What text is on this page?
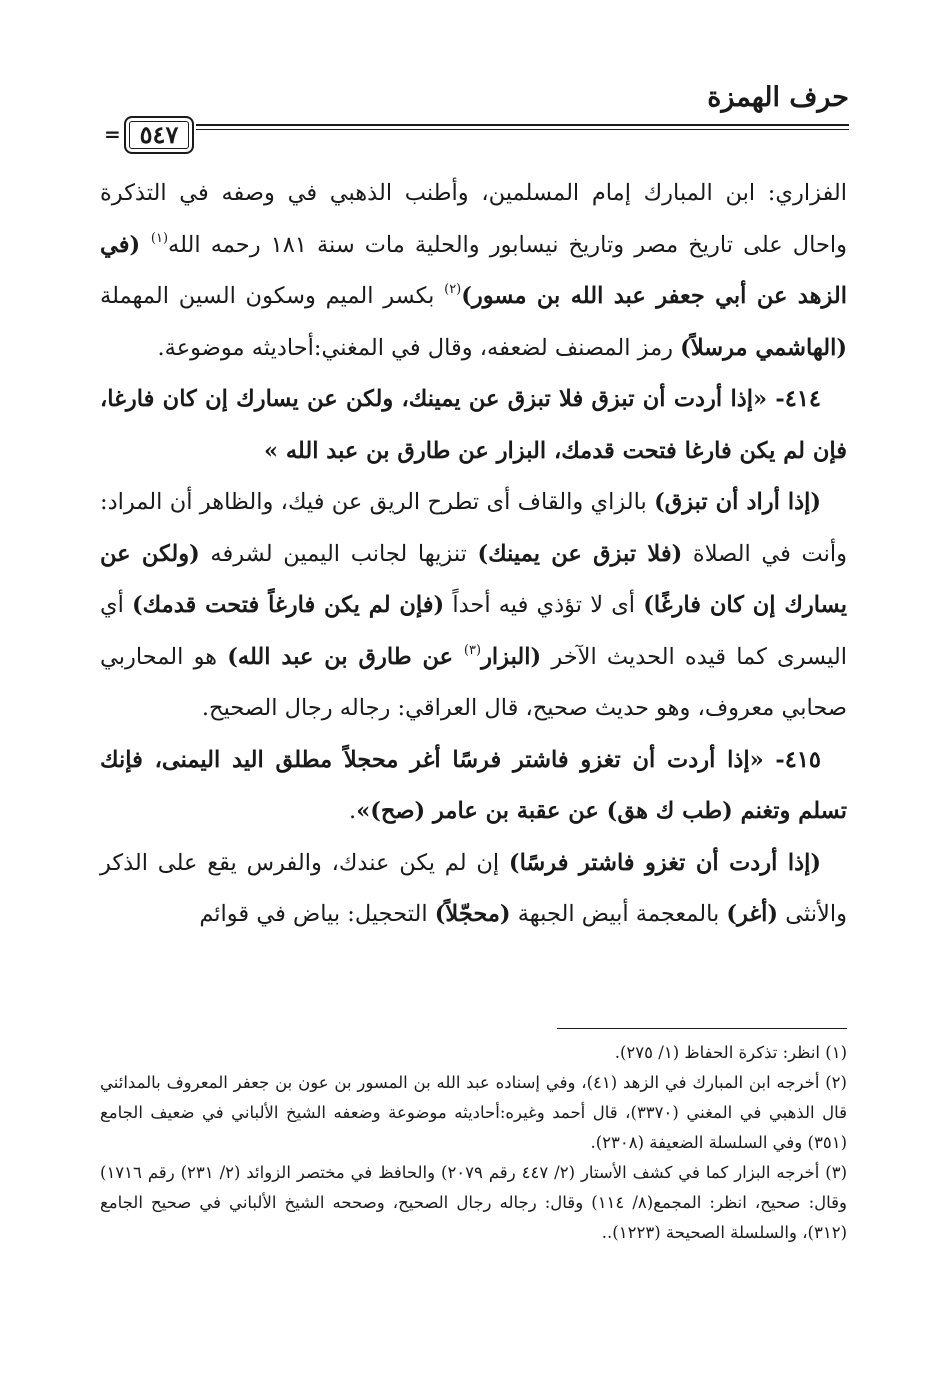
حرف الهمزة
٥٤٧
=

الفزاري: ابن المبارك إمام المسلمين، وأطنب الذهبي في وصفه في التذكرة واحال على تاريخ مصر وتاريخ نيسابور والحلية مات سنة ١٨١ رحمه الله$^{(١)}$ (في الزهد عن أبي جعفر عبد الله بن مسور)$^{(٢)}$ بكسر الميم وسكون السين المهملة (الهاشمي مرسلاً) رمز المصنف لضعفه، وقال في المغني:أحاديثه موضوعة.

٤١٤- «إذا أردت أن تبزق فلا تبزق عن يمينك، ولكن عن يسارك إن كان فارغا، فإن لم يكن فارغا فتحت قدمك، البزار عن طارق بن عبد الله »

(إذا أراد أن تبزق) بالزاي والقاف أى تطرح الريق عن فيك، والظاهر أن المراد: وأنت في الصلاة (فلا تبزق عن يمينك) تنزيها لجانب اليمين لشرفه (ولكن عن يسارك إن كان فارغًا) أى لا تؤذي فيه أحداً (فإن لم يكن فارغاً فتحت قدمك) أي اليسرى كما قيده الحديث الآخر (البزار$^{(٣)}$ عن طارق بن عبد الله) هو المحاربي صحابي معروف، وهو حديث صحيح، قال العراقي: رجاله رجال الصحيح.

٤١٥- «إذا أردت أن تغزو فاشتر فرسًا أغر محجلاً مطلق اليد اليمنى، فإنك تسلم وتغنم (طب ك هق) عن عقبة بن عامر (صح)».

(إذا أردت أن تغزو فاشتر فرسًا) إن لم يكن عندك، والفرس يقع على الذكر والأنثى (أغر) بالمعجمة أبيض الجبهة (محجّلاً) التحجيل: بياض في قوائم

(١) انظر: تذكرة الحفاظ (١/ ٢٧٥).

(٢) أخرجه ابن المبارك في الزهد (٤١)، وفي إسناده عبد الله بن المسور بن عون بن جعفر المعروف بالمدائني قال الذهبي في المغني (٣٣٧٠)، قال أحمد وغيره:أحاديثه موضوعة وضعفه الشيخ الألباني في ضعيف الجامع (٣٥١) وفي السلسلة الضعيفة (٢٣٠٨).

(٣) أخرجه البزار كما في كشف الأستار (٢/ ٤٤٧ رقم ٢٠٧٩) والحافظ في مختصر الزوائد (٢/ ٢٣١) رقم ١٧١٦) وقال: صحيح، انظر: المجمع(٨/ ١١٤) وقال: رجاله رجال الصحيح، وصححه الشيخ الألباني في صحيح الجامع (٣١٢)، والسلسلة الصحيحة (١٢٢٣)..
